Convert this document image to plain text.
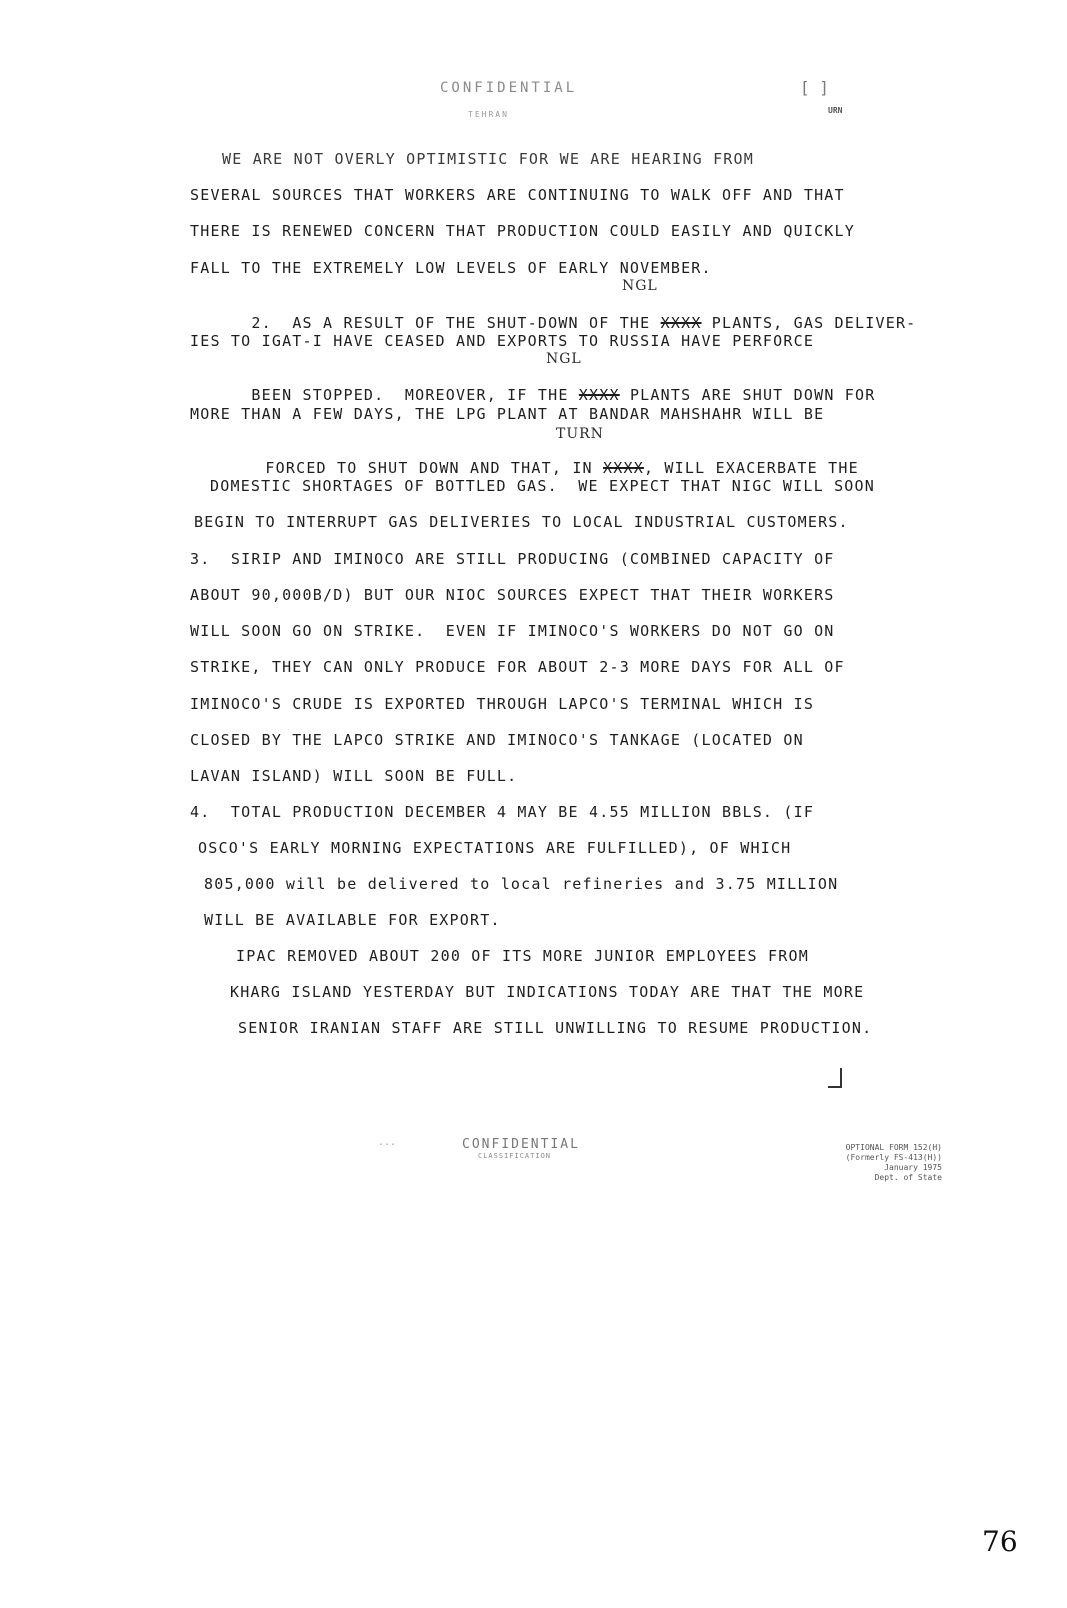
CONFIDENTIAL
TEHRAN
[ ]
URN
WE ARE NOT OVERLY OPTIMISTIC FOR WE ARE HEARING FROM
SEVERAL SOURCES THAT WORKERS ARE CONTINUING TO WALK OFF AND THAT
THERE IS RENEWED CONCERN THAT PRODUCTION COULD EASILY AND QUICKLY
FALL TO THE EXTREMELY LOW LEVELS OF EARLY NOVEMBER.
NGL

2.  AS A RESULT OF THE SHUT-DOWN OF THE XXXX PLANTS, GAS DELIVER-

IES TO IGAT-I HAVE CEASED AND EXPORTS TO RUSSIA HAVE PERFORCE
NGL

BEEN STOPPED.  MOREOVER, IF THE XXXX PLANTS ARE SHUT DOWN FOR

MORE THAN A FEW DAYS, THE LPG PLANT AT BANDAR MAHSHAHR WILL BE
TURN

FORCED TO SHUT DOWN AND THAT, IN XXXX, WILL EXACERBATE THE

DOMESTIC SHORTAGES OF BOTTLED GAS.  WE EXPECT THAT NIGC WILL SOON
BEGIN TO INTERRUPT GAS DELIVERIES TO LOCAL INDUSTRIAL CUSTOMERS.
3.  SIRIP AND IMINOCO ARE STILL PRODUCING (COMBINED CAPACITY OF
ABOUT 90,000B/D) BUT OUR NIOC SOURCES EXPECT THAT THEIR WORKERS
WILL SOON GO ON STRIKE.  EVEN IF IMINOCO'S WORKERS DO NOT GO ON
STRIKE, THEY CAN ONLY PRODUCE FOR ABOUT 2-3 MORE DAYS FOR ALL OF
IMINOCO'S CRUDE IS EXPORTED THROUGH LAPCO'S TERMINAL WHICH IS
CLOSED BY THE LAPCO STRIKE AND IMINOCO'S TANKAGE (LOCATED ON
LAVAN ISLAND) WILL SOON BE FULL.
4.  TOTAL PRODUCTION DECEMBER 4 MAY BE 4.55 MILLION BBLS. (IF
OSCO'S EARLY MORNING EXPECTATIONS ARE FULFILLED), OF WHICH
805,000 will be delivered to local refineries and 3.75 MILLION
WILL BE AVAILABLE FOR EXPORT.
IPAC REMOVED ABOUT 200 OF ITS MORE JUNIOR EMPLOYEES FROM
KHARG ISLAND YESTERDAY BUT INDICATIONS TODAY ARE THAT THE MORE
SENIOR IRANIAN STAFF ARE STILL UNWILLING TO RESUME PRODUCTION.
...	CONFIDENTIAL
CLASSIFICATION
OPTIONAL FORM 152(H)
(Formerly FS-413(H))
January 1975
Dept. of State
76
